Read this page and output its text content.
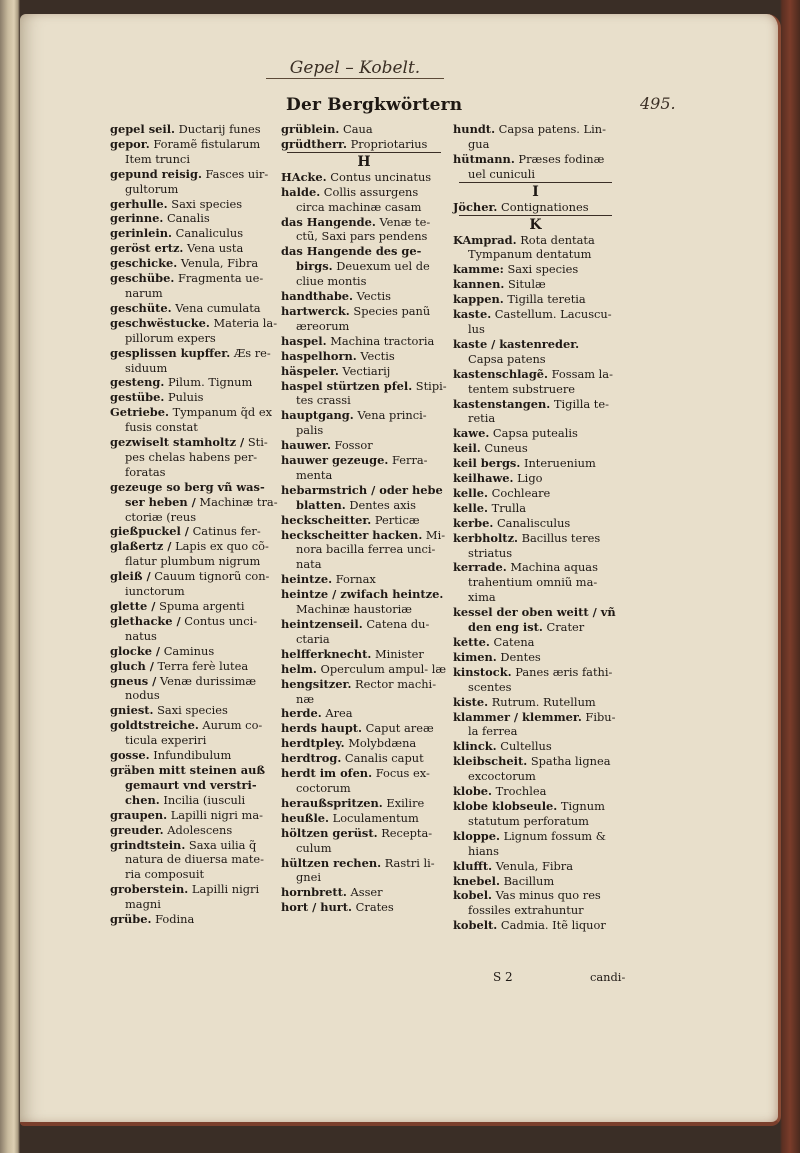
Gepel – Kobelt.
495.
Der Bergkwörtern

gepel seil. Ductarij funes

gepor. Foramẽ fistularum Item trunci

gepund reisig. Fasces uir- gultorum

gerhulle. Saxi species

gerinne. Canalis

gerinlein. Canaliculus

geröst ertz. Vena usta

geschicke. Venula, Fibra

geschübe. Fragmenta ue- narum

geschüte. Vena cumulata

geschwëstucke. Materia la- pillorum expers

gesplissen kupffer. Æs re- siduum

gesteng. Pilum. Tignum

gestübe. Puluis

Getriebe. Tympanum q̃d ex fusis constat

gezwiselt stamholtz / Sti- pes chelas habens per- foratas

gezeuge so berg vñ was- ser heben / Machinæ tra- ctoriæ (reus

gießpuckel / Catinus fer-

glaßertz / Lapis ex quo cõ- flatur plumbum nigrum

gleiß / Cauum tignorũ con- iunctorum

glette / Spuma argenti

glethacke / Contus unci- natus

glocke / Caminus

gluch / Terra ferè lutea

gneus / Venæ durissimæ nodus

gniest. Saxi species

goldtstreiche. Aurum co- ticula experiri

gosse. Infundibulum

gräben mitt steinen auß gemaurt vnd verstri- chen. Incilia (iusculi

graupen. Lapilli nigri ma-

greuder. Adolescens

grindtstein. Saxa uilia q̃ natura de diuersa mate- ria composuit

groberstein. Lapilli nigri magni

grübe. Fodina

grüblein. Caua

grüdtherr. Propriotarius

H

HAcke. Contus uncinatus

halde. Collis assurgens circa machinæ casam

das Hangende. Venæ te- ctũ, Saxi pars pendens

das Hangende des ge- birgs. Deuexum uel de cliue montis

handthabe. Vectis

hartwerck. Species panũ æreorum

haspel. Machina tractoria

haspelhorn. Vectis

häspeler. Vectiarij

haspel stürtzen pfel. Stipi- tes crassi

hauptgang. Vena princi- palis

hauwer. Fossor

hauwer gezeuge. Ferra- menta

hebarmstrich / oder hebe blatten. Dentes axis

heckscheitter. Perticæ

heckscheitter hacken. Mi- nora bacilla ferrea unci- nata

heintze. Fornax

heintze / zwifach heintze. Machinæ haustoriæ

heintzenseil. Catena du- ctaria

helfferknecht. Minister

helm. Operculum ampul- læ

hengsitzer. Rector machi- næ

herde. Area

herds haupt. Caput areæ

herdtpley. Molybdæna

herdtrog. Canalis caput

herdt im ofen. Focus ex- coctorum

heraußspritzen. Exilire

heußle. Loculamentum

höltzen gerüst. Recepta- culum

hültzen rechen. Rastri li- gnei

hornbrett. Asser

hort / hurt. Crates

hundt. Capsa patens. Lin- gua

hütmann. Præses fodinæ uel cuniculi

I

Jöcher. Contignationes

K

KAmprad. Rota dentata Tympanum dentatum

kamme: Saxi species

kannen. Situlæ

kappen. Tigilla teretia

kaste. Castellum. Lacuscu- lus

kaste / kastenreder. Capsa patens

kastenschlagẽ. Fossam la- tentem substruere

kastenstangen. Tigilla te- retia

kawe. Capsa putealis

keil. Cuneus

keil bergs. Interuenium

keilhawe. Ligo

kelle. Cochleare

kelle. Trulla

kerbe. Canalisculus

kerbholtz. Bacillus teres striatus

kerrade. Machina aquas trahentium omniũ ma- xima

kessel der oben weitt / vñ den eng ist. Crater

kette. Catena

kimen. Dentes

kinstock. Panes æris fathi- scentes

kiste. Rutrum. Rutellum

klammer / klemmer. Fibu- la ferrea

klinck. Cultellus

kleibscheit. Spatha lignea excoctorum

klobe. Trochlea

klobe klobseule. Tignum statutum perforatum

kloppe. Lignum fossum & hians

klufft. Venula, Fibra

knebel. Bacillum

kobel. Vas minus quo res fossiles extrahuntur

kobelt. Cadmia. Itẽ liquor

S 2	candi-
